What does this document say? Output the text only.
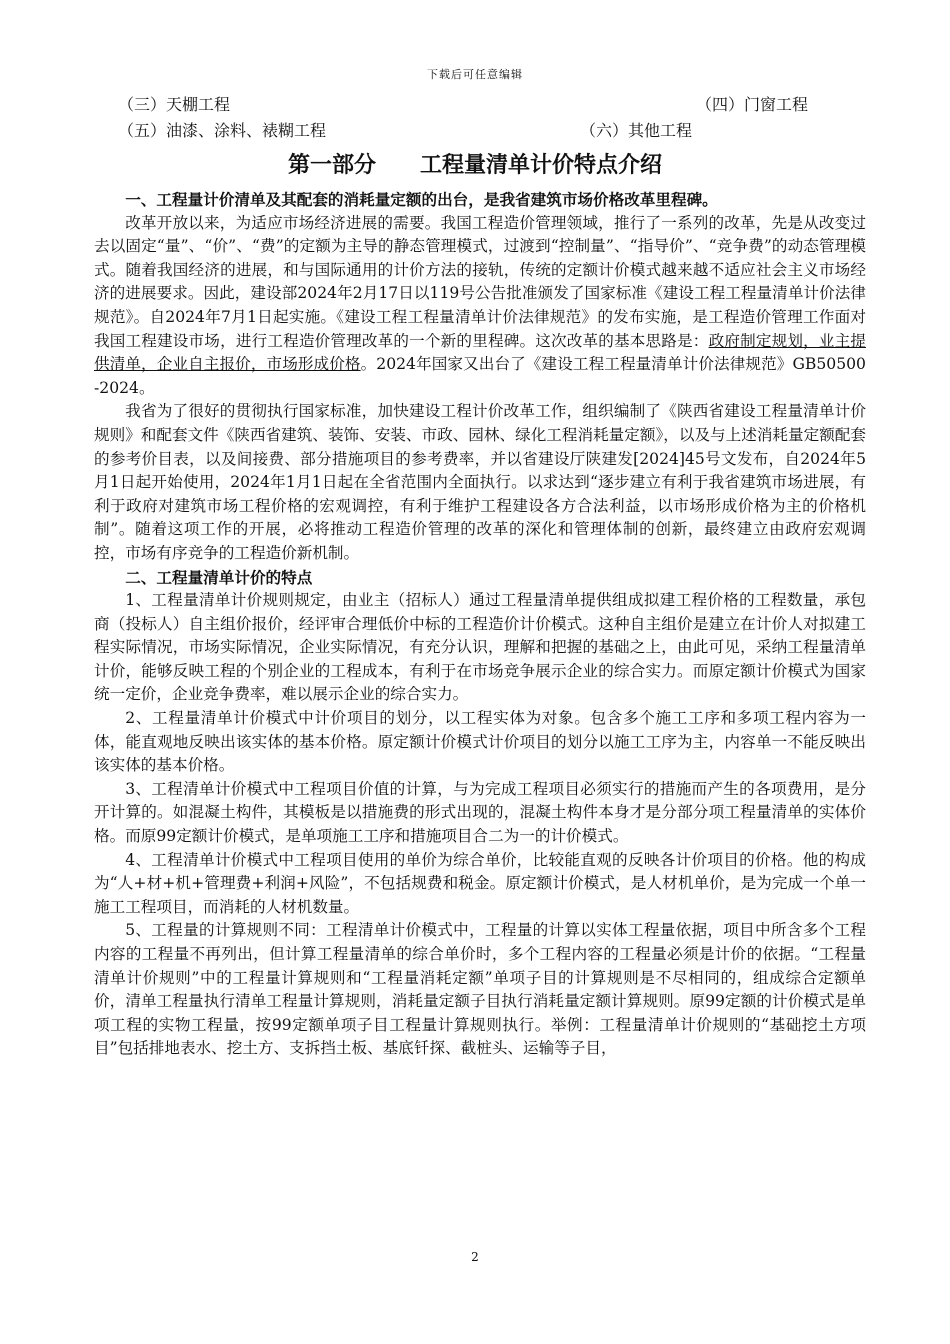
下载后可任意编辑
（三）天棚工程	（四）门窗工程
（五）油漆、涂料、裱糊工程	（六）其他工程
第一部分　　工程量清单计价特点介绍

一、工程量计价清单及其配套的消耗量定额的出台，是我省建筑市场价格改革里程碑。

改革开放以来，为适应市场经济进展的需要。我国工程造价管理领域，推行了一系列的改革，先是从改变过去以固定“量”、“价”、“费”的定额为主导的静态管理模式，过渡到“控制量”、“指导价”、“竞争费”的动态管理模式。随着我国经济的进展，和与国际通用的计价方法的接轨，传统的定额计价模式越来越不适应社会主义市场经济的进展要求。因此，建设部2024年2月17日以119号公告批准颁发了国家标准《建设工程工程量清单计价法律规范》。自2024年7月1日起实施。《建设工程工程量清单计价法律规范》的发布实施，是工程造价管理工作面对我国工程建设市场，进行工程造价管理改革的一个新的里程碑。这次改革的基本思路是：政府制定规划，业主提供清单，企业自主报价，市场形成价格。2024年国家又出台了《建设工程工程量清单计价法律规范》GB50500-2024。

我省为了很好的贯彻执行国家标准，加快建设工程计价改革工作，组织编制了《陕西省建设工程量清单计价规则》和配套文件《陕西省建筑、装饰、安装、市政、园林、绿化工程消耗量定额》，以及与上述消耗量定额配套的参考价目表，以及间接费、部分措施项目的参考费率，并以省建设厅陕建发[2024]45号文发布，自2024年5月1日起开始使用，2024年1月1日起在全省范围内全面执行。以求达到“逐步建立有利于我省建筑市场进展，有利于政府对建筑市场工程价格的宏观调控，有利于维护工程建设各方合法利益，以市场形成价格为主的价格机制”。随着这项工作的开展，必将推动工程造价管理的改革的深化和管理体制的创新，最终建立由政府宏观调控，市场有序竞争的工程造价新机制。

二、工程量清单计价的特点

1、工程量清单计价规则规定，由业主（招标人）通过工程量清单提供组成拟建工程价格的工程数量，承包商（投标人）自主组价报价，经评审合理低价中标的工程造价计价模式。这种自主组价是建立在计价人对拟建工程实际情况，市场实际情况，企业实际情况，有充分认识，理解和把握的基础之上，由此可见，采纳工程量清单计价，能够反映工程的个别企业的工程成本，有利于在市场竞争展示企业的综合实力。而原定额计价模式为国家统一定价，企业竞争费率，难以展示企业的综合实力。

2、工程量清单计价模式中计价项目的划分，以工程实体为对象。包含多个施工工序和多项工程内容为一体，能直观地反映出该实体的基本价格。原定额计价模式计价项目的划分以施工工序为主，内容单一不能反映出该实体的基本价格。

3、工程清单计价模式中工程项目价值的计算，与为完成工程项目必须实行的措施而产生的各项费用，是分开计算的。如混凝土构件，其模板是以措施费的形式出现的，混凝土构件本身才是分部分项工程量清单的实体价格。而原99定额计价模式，是单项施工工序和措施项目合二为一的计价模式。

4、工程清单计价模式中工程项目使用的单价为综合单价，比较能直观的反映各计价项目的价格。他的构成为“人+材+机+管理费+利润+风险”，不包括规费和税金。原定额计价模式，是人材机单价，是为完成一个单一施工工程项目，而消耗的人材机数量。

5、工程量的计算规则不同：工程清单计价模式中，工程量的计算以实体工程量依据，项目中所含多个工程内容的工程量不再列出，但计算工程量清单的综合单价时，多个工程内容的工程量必须是计价的依据。“工程量清单计价规则”中的工程量计算规则和“工程量消耗定额”单项子目的计算规则是不尽相同的，组成综合定额单价，清单工程量执行清单工程量计算规则，消耗量定额子目执行消耗量定额计算规则。原99定额的计价模式是单项工程的实物工程量，按99定额单项子目工程量计算规则执行。举例：工程量清单计价规则的“基础挖土方项目”包括排地表水、挖土方、支拆挡土板、基底钎探、截桩头、运输等子目，

2
